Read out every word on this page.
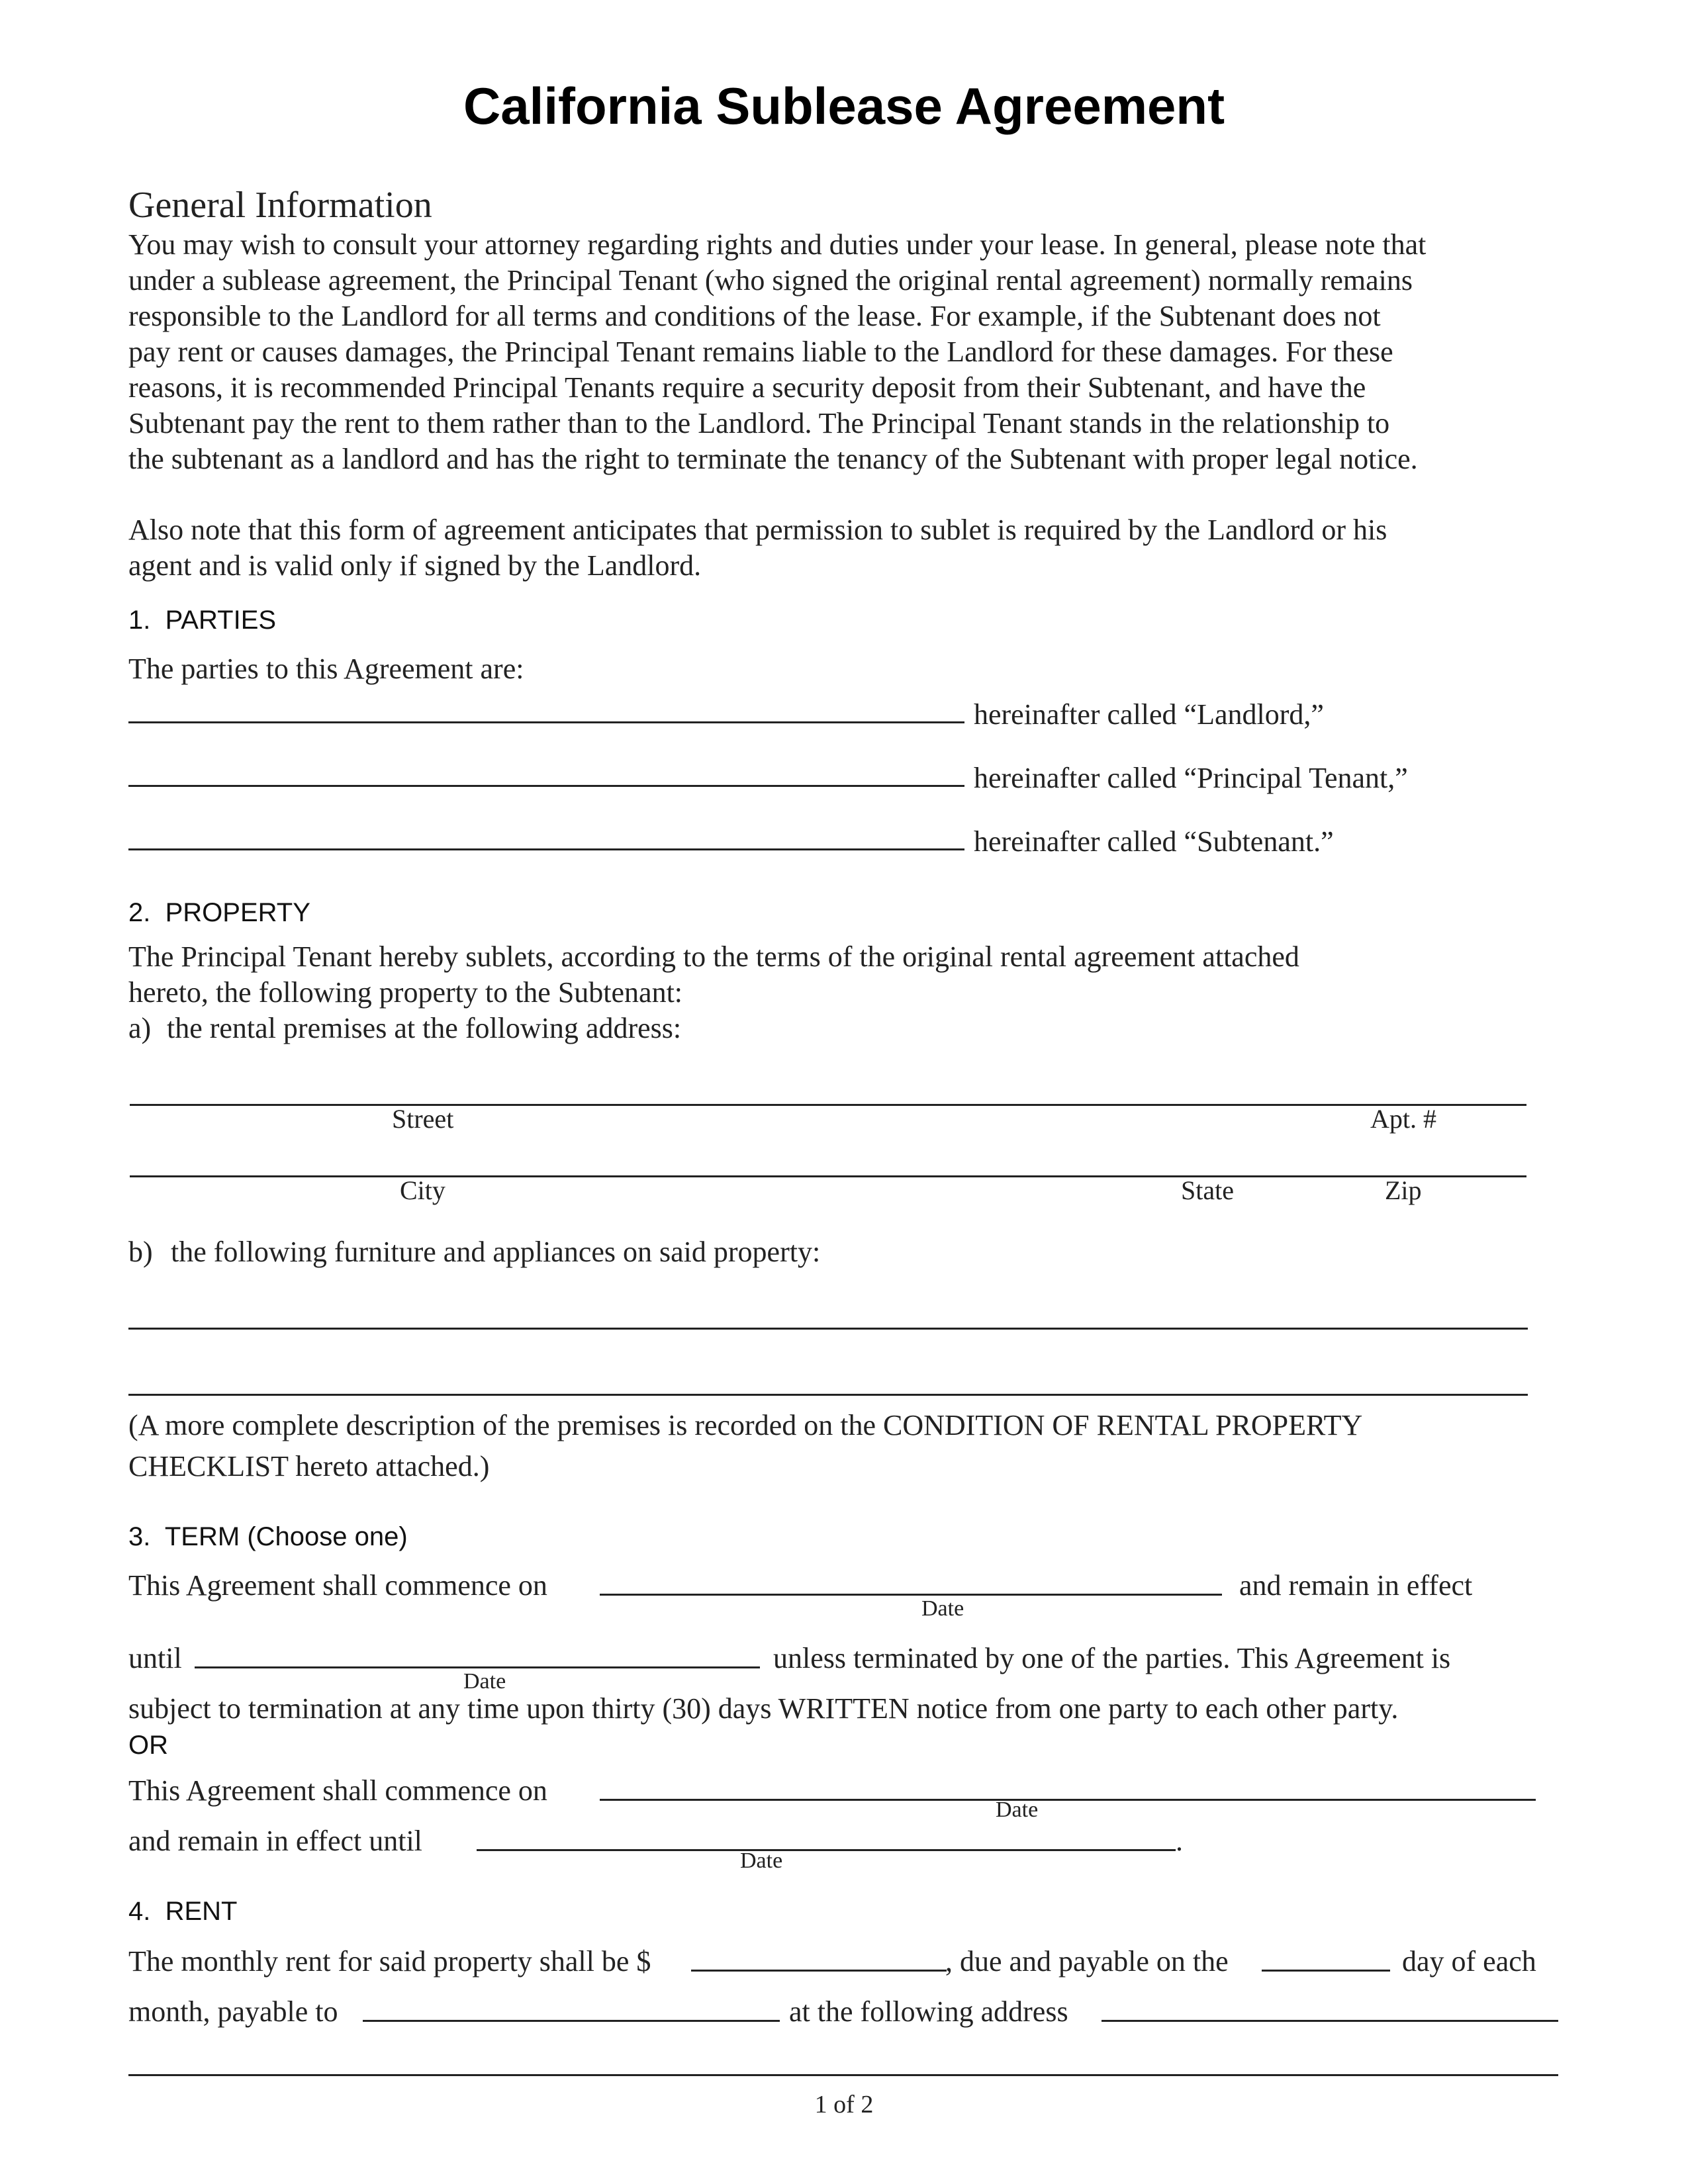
California Sublease Agreement
General Information
You may wish to consult your attorney regarding rights and duties under your lease. In general, please note that
under a sublease agreement, the Principal Tenant (who signed the original rental agreement) normally remains
responsible to the Landlord for all terms and conditions of the lease. For example, if the Subtenant does not
pay rent or causes damages, the Principal Tenant remains liable to the Landlord for these damages. For these
reasons, it is recommended Principal Tenants require a security deposit from their Subtenant, and have the
Subtenant pay the rent to them rather than to the Landlord. The Principal Tenant stands in the relationship to
the subtenant as a landlord and has the right to terminate the tenancy of the Subtenant with proper legal notice.
Also note that this form of agreement anticipates that permission to sublet is required by the Landlord or his
agent and is valid only if signed by the Landlord.
1. PARTIES
The parties to this Agreement are:
hereinafter called “Landlord,”
hereinafter called “Principal Tenant,”
hereinafter called “Subtenant.”
2. PROPERTY
The Principal Tenant hereby sublets, according to the terms of the original rental agreement attached
hereto, the following property to the Subtenant:
a) the rental premises at the following address:
Street	Apt. #
City	State	Zip
b) the following furniture and appliances on said property:
(A more complete description of the premises is recorded on the CONDITION OF RENTAL PROPERTY
CHECKLIST hereto attached.)
3. TERM (Choose one)
This Agreement shall commence on	and remain in effect
Date
until	unless terminated by one of the parties. This Agreement is
Date
subject to termination at any time upon thirty (30) days WRITTEN notice from one party to each other party.
OR
This Agreement shall commence on
Date
and remain in effect until	.
Date
4. RENT
The monthly rent for said property shall be $	, due and payable on the	day of each
month, payable to	at the following address
1 of 2
